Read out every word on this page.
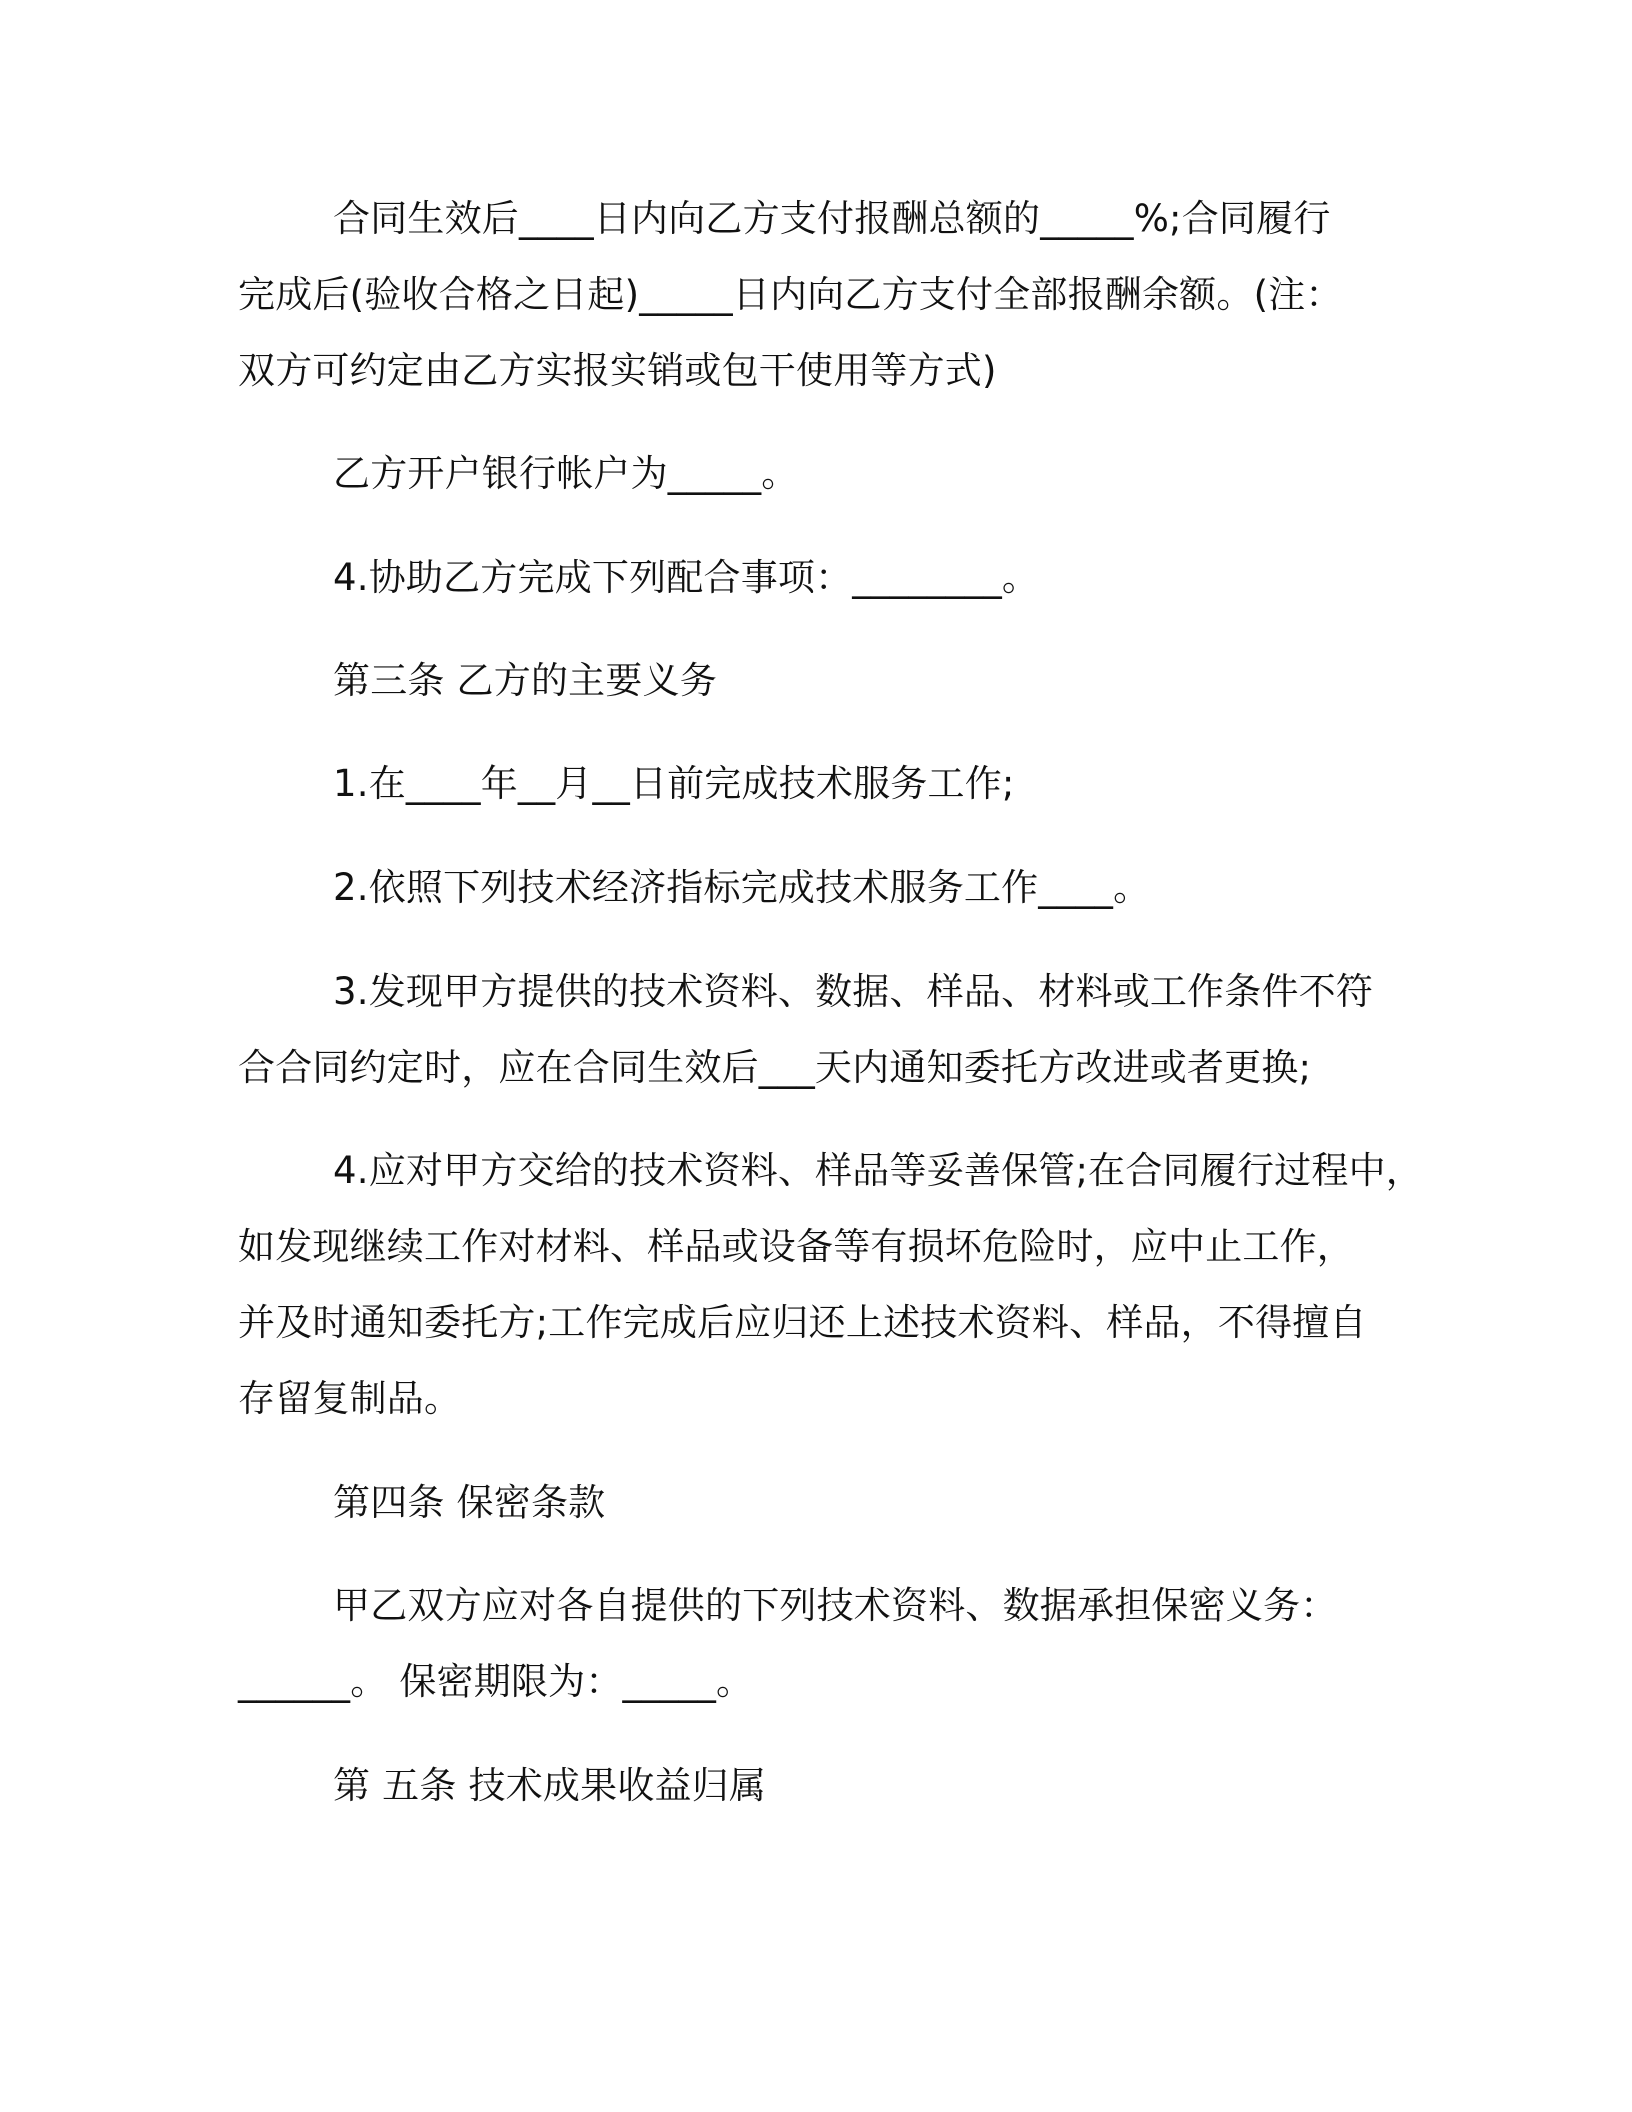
合同生效后____日内向乙方支付报酬总额的_____%;合同履行

完成后(验收合格之日起)_____日内向乙方支付全部报酬余额。(注：

双方可约定由乙方实报实销或包干使用等方式)

乙方开户银行帐户为_____。

4.协助乙方完成下列配合事项：________。

第三条 乙方的主要义务

1.在____年__月__日前完成技术服务工作;

2.依照下列技术经济指标完成技术服务工作____。

3.发现甲方提供的技术资料、数据、样品、材料或工作条件不符

合合同约定时，应在合同生效后___天内通知委托方改进或者更换;

4.应对甲方交给的技术资料、样品等妥善保管;在合同履行过程中，

如发现继续工作对材料、样品或设备等有损坏危险时，应中止工作，

并及时通知委托方;工作完成后应归还上述技术资料、样品，不得擅自

存留复制品。

第四条 保密条款

甲乙双方应对各自提供的下列技术资料、数据承担保密义务：

______。 保密期限为：_____。

第 五条 技术成果收益归属
